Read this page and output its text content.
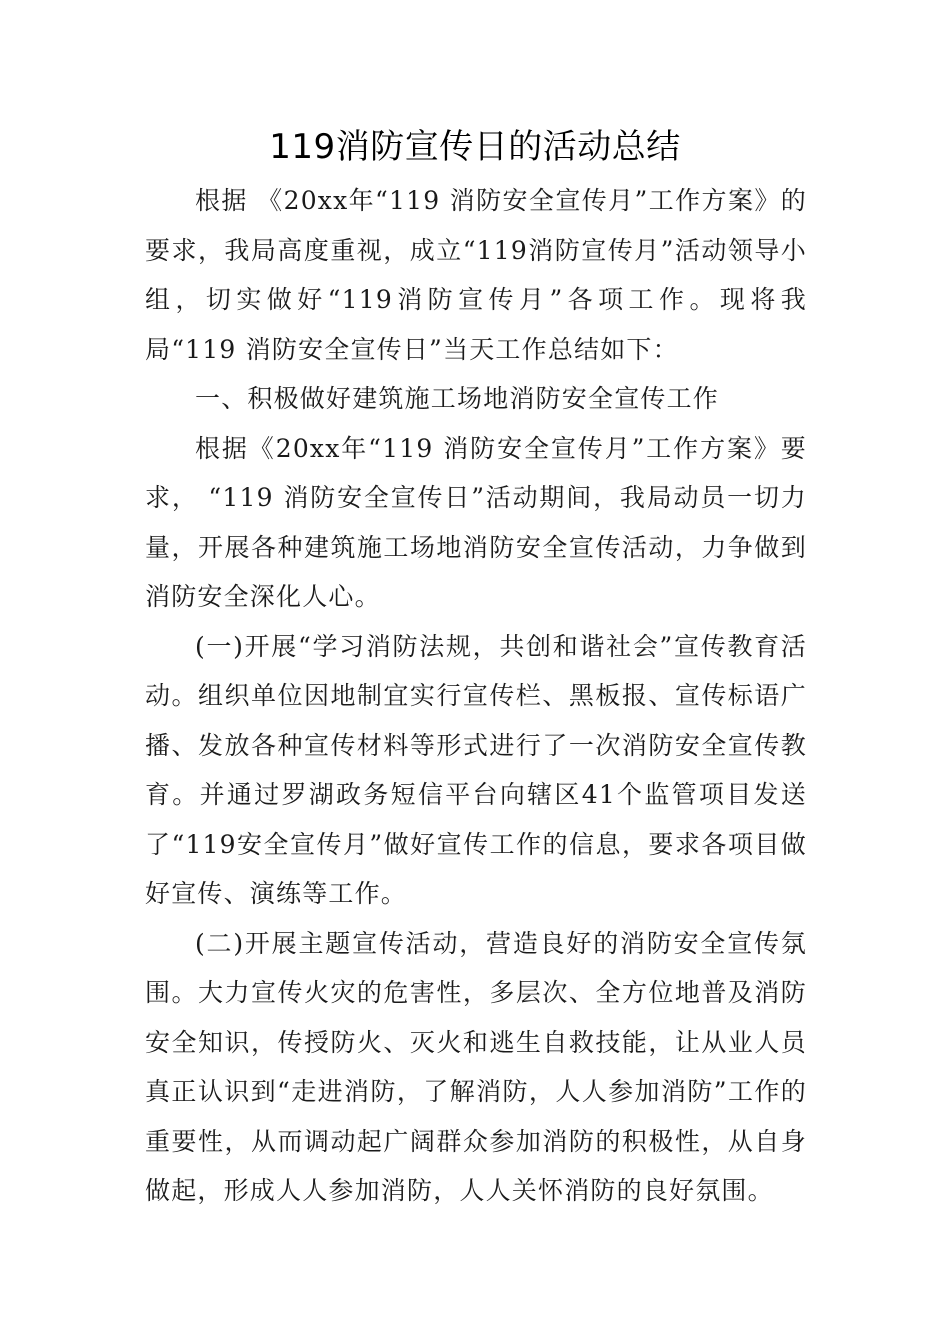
119消防宣传日的活动总结

根据 《20xx年“119 消防安全宣传月”工作方案》的要求，我局高度重视，成立“119消防宣传月”活动领导小组，切实做好“119消防宣传月”各项工作。现将我局“119 消防安全宣传日”当天工作总结如下：

一、积极做好建筑施工场地消防安全宣传工作

根据《20xx年“119 消防安全宣传月”工作方案》要求， “119 消防安全宣传日”活动期间，我局动员一切力量，开展各种建筑施工场地消防安全宣传活动，力争做到消防安全深化人心。

(一)开展“学习消防法规，共创和谐社会”宣传教育活动。组织单位因地制宜实行宣传栏、黑板报、宣传标语广播、发放各种宣传材料等形式进行了一次消防安全宣传教育。并通过罗湖政务短信平台向辖区41个监管项目发送了“119安全宣传月”做好宣传工作的信息，要求各项目做好宣传、演练等工作。

(二)开展主题宣传活动，营造良好的消防安全宣传氛围。大力宣传火灾的危害性，多层次、全方位地普及消防安全知识，传授防火、灭火和逃生自救技能，让从业人员真正认识到“走进消防，了解消防，人人参加消防”工作的重要性，从而调动起广阔群众参加消防的积极性，从自身做起，形成人人参加消防，人人关怀消防的良好氛围。
